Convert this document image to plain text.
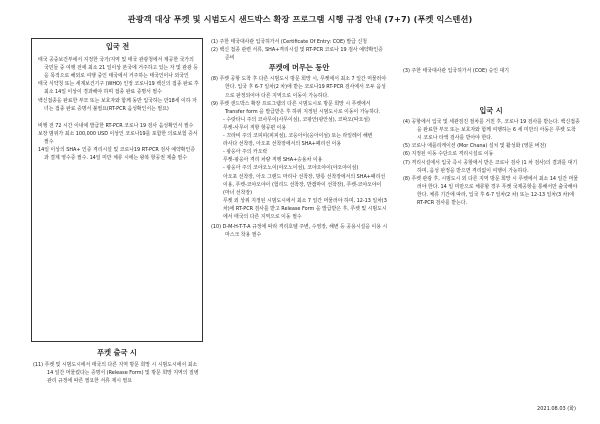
관광객 대상 푸켓 및 시범도시 샌드박스 확장 프로그램 시행 규정 안내 (7+7) (푸켓 익스텐션)

입국 전

태국 공중보건부에서 지정한 국가/지역 및 태국 관광청에서 제공한 국가의 국민들 중 여행 전에 최소 21 일이상 본국에 거주하고 있는 자 및 관광 등을 목적으로 해외로 여행 중인 태국에서 거주하는 태국인이나 외국인

태국 식약청 또는 세계보건기구 (WHO) 인정 코로나19 백신의 접종 완료 후 최소 14일 이상이 경과해야 하며 접종 완료 증명서 필수

백신접종을 완료한 부모 또는 보호자와 함께 동반 입국하는 만18세 이하 자녀는 접종 완료 증명서 불필요(RT-PCR 음성확인서는 필요)

비행 전 72 시간 이내에 발급한 RT-PCR 코로나 19 검사 음성확인서 필수

보장 범위가 최소 100,000 USD 이상인 코로나19를 포함한 의료보험 증서 필수

14일 이상의 SHA+ 인증 격리시설 및 코로나19 RT-PCR 검사 예약확인증과 결제 영수증 필수. 14일 미만 체류 시에는 왕복 항공권 제출 필수

푸켓 출국 시

(11) 푸켓 및 시범도시에서 태국의 다른 지역 방문 희망 시 시범도시에서 최소 14 일간 머물렀다는 증명서 (Release Form) 및 방문 희망 지역의 질병관리 규정에 따른 필요한 서류 제시 필요

(1) 주한 태국대사관 입국허가서 (Certificate Of Entry: COE) 발급 신청

(2) 백신 접종 관련 서류, SHA+격리시설 및 RT-PCR 코로나 19 검사 예약확인증 준비

푸켓에 머무는 동안

(8) 푸켓 공항 도착 후 다른 시범도시 방문 희망 시, 푸켓에서 최소 7 일간 머물러야 한다. 입국 후 6-7 일차(2 차)에 받는 코로나19 RT-PCR 검사에서 모두 음성으로 판정되어야 다른 지역으로 이동이 가능하다.

(9) 푸켓 샌드박스 확장 프로그램의 다른 시범도시로 방문 희망 시 푸켓에서 Transfer form 을 발급받은 후 하위 지정된 시범도시로 이동이 가능하다.

- 수랏타니 주의 코사무이(사무이섬), 코팡안(팡안섬), 코따오(따오섬)

푸켓-사무이 직항 항공편 이용

- 끄라비 주의 코피피(피피섬), 코응아이(응아이섬) 또는 라일레이 해변

라사다 선착장, 아오포 선착장에서의 SHA+패리선 이용

- 팡응아 주의 카오락

푸켓-팡응아 격리 차량 직행 SHA+승용차 이용

- 팡응아 주의 코야오노이(야오노이섬), 코야오야이(야오야이섬)

아오포 선착장, 아오 그랜드 마리나 선착장, 방롱 선착장에서의 SHA+패리선 이용, 푸켓-코야오야이 (험리드 선착장, 반캠마이 선착장), 푸켓-코야오야이 (마너 선착장)

푸켓 외 상위 지정된 시범도시에서 최소 7 일간 머물러야 하며, 12-13 일차(3 차)에 RT-PCR 검사를 받고 Release Form 을 발급받은 후, 푸켓 및 시범도시에서 태국의 다른 지역으로 이동 필수

(10) D-M-H-T-T-A 규정에 따라 격리호텔 주변, 수영장, 해변 등 공용시설을 이용 시 마스크 착용 필수

(3) 주한 태국대사관 입국허가서 (COE) 승인 대기

입국 시

(4) 공항에서 입국 및 세관검진 절차를 거친 후, 코로나 19 검사를 받는다. 백신접종을 완료한 부모 또는 보호자와 함께 여행하는 6 세 미만의 아동은 푸켓 도착 시 코로나 타액 검사를 받아야 한다.

(5) 코로나 애플리케이션 (Mor Chana) 설치 및 활성화 (영문 버전)

(6) 지정된 이동 수단으로 격리시설로 이동

(7) 격리시설에서 입국 즉시 공항에서 받은 코로나 검사 (1 차 검사)의 결과를 대기하며, 음성 판정을 받으면 격리없이 여행이 가능하다.

(8) 푸켓 관광 후, 시범도시 외 다른 지역 방문 희망 시 푸켓에서 최소 14 일간 머물러야 한다. 14 일 미만으로 체류할 경우 푸켓 국제공항을 통해서만 출국해야 한다. 체류 기간에 따라, 입국 후 6-7 일차(2 차) 또는 12-13 일차(3 차)에 RT-PCR 검사를 받는다.

2021.08.03 (화)
